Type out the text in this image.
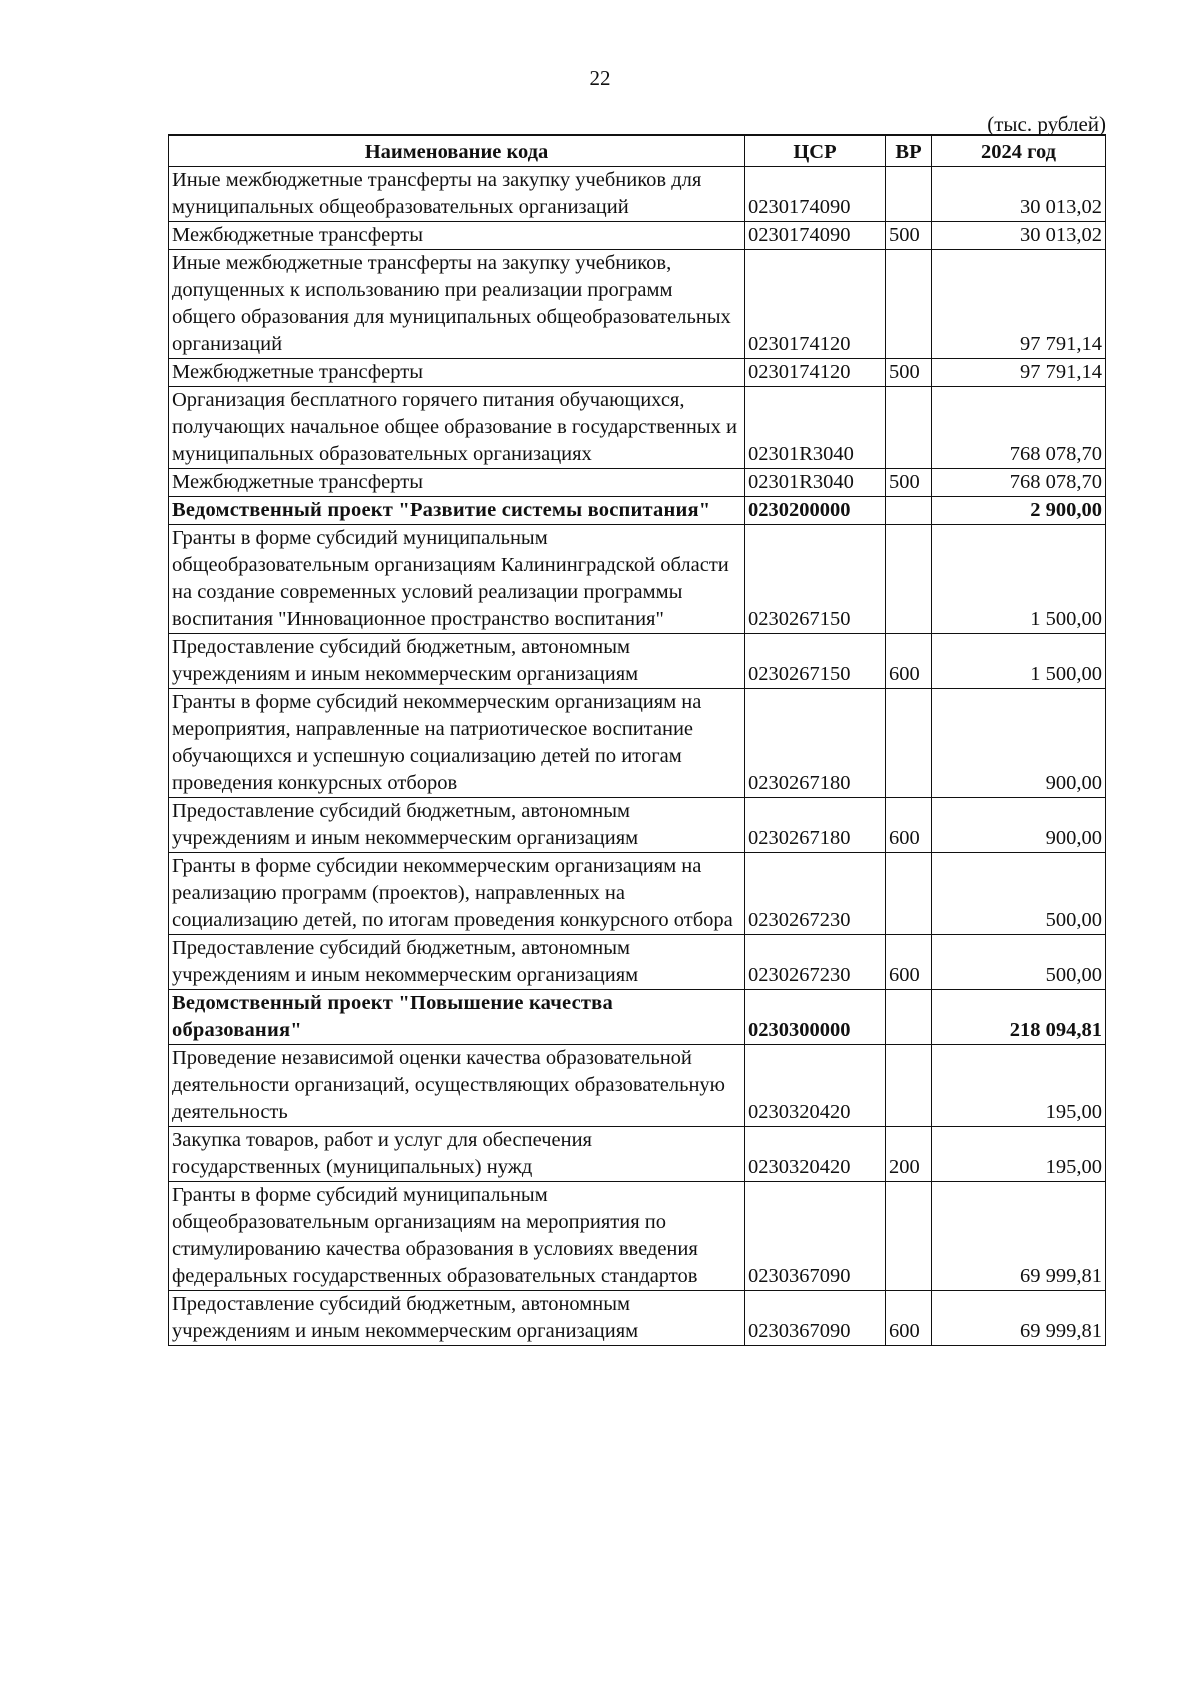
22
(тыс. рублей)
Наименование кода	ЦСР	ВР	2024 год
Иные межбюджетные трансферты на закупку учебников для муниципальных общеобразовательных организаций	0230174090		30 013,02
Межбюджетные трансферты	0230174090	500	30 013,02
Иные межбюджетные трансферты на закупку учебников, допущенных к использованию при реализации программ общего образования для муниципальных общеобразовательных организаций	0230174120		97 791,14
Межбюджетные трансферты	0230174120	500	97 791,14
Организация бесплатного горячего питания обучающихся, получающих начальное общее образование в государственных и муниципальных образовательных организациях	02301R3040		768 078,70
Межбюджетные трансферты	02301R3040	500	768 078,70
Ведомственный проект "Развитие системы воспитания"	0230200000		2 900,00
Гранты в форме субсидий муниципальным общеобразовательным организациям Калининградской области на создание современных условий реализации программы воспитания "Инновационное пространство воспитания"	0230267150		1 500,00
Предоставление субсидий бюджетным, автономным учреждениям и иным некоммерческим организациям	0230267150	600	1 500,00
Гранты в форме субсидий некоммерческим организациям на мероприятия, направленные на патриотическое воспитание обучающихся и успешную социализацию детей по итогам проведения конкурсных отборов	0230267180		900,00
Предоставление субсидий бюджетным, автономным учреждениям и иным некоммерческим организациям	0230267180	600	900,00
Гранты в форме субсидии некоммерческим организациям на реализацию программ (проектов), направленных на социализацию детей, по итогам проведения конкурсного отбора	0230267230		500,00
Предоставление субсидий бюджетным, автономным учреждениям и иным некоммерческим организациям	0230267230	600	500,00
Ведомственный проект "Повышение качества образования"	0230300000		218 094,81
Проведение независимой оценки качества образовательной деятельности организаций, осуществляющих образовательную деятельность	0230320420		195,00
Закупка товаров, работ и услуг для обеспечения государственных (муниципальных) нужд	0230320420	200	195,00
Гранты в форме субсидий муниципальным общеобразовательным организациям на мероприятия по стимулированию качества образования в условиях введения федеральных государственных образовательных стандартов	0230367090		69 999,81
Предоставление субсидий бюджетным, автономным учреждениям и иным некоммерческим организациям	0230367090	600	69 999,81
